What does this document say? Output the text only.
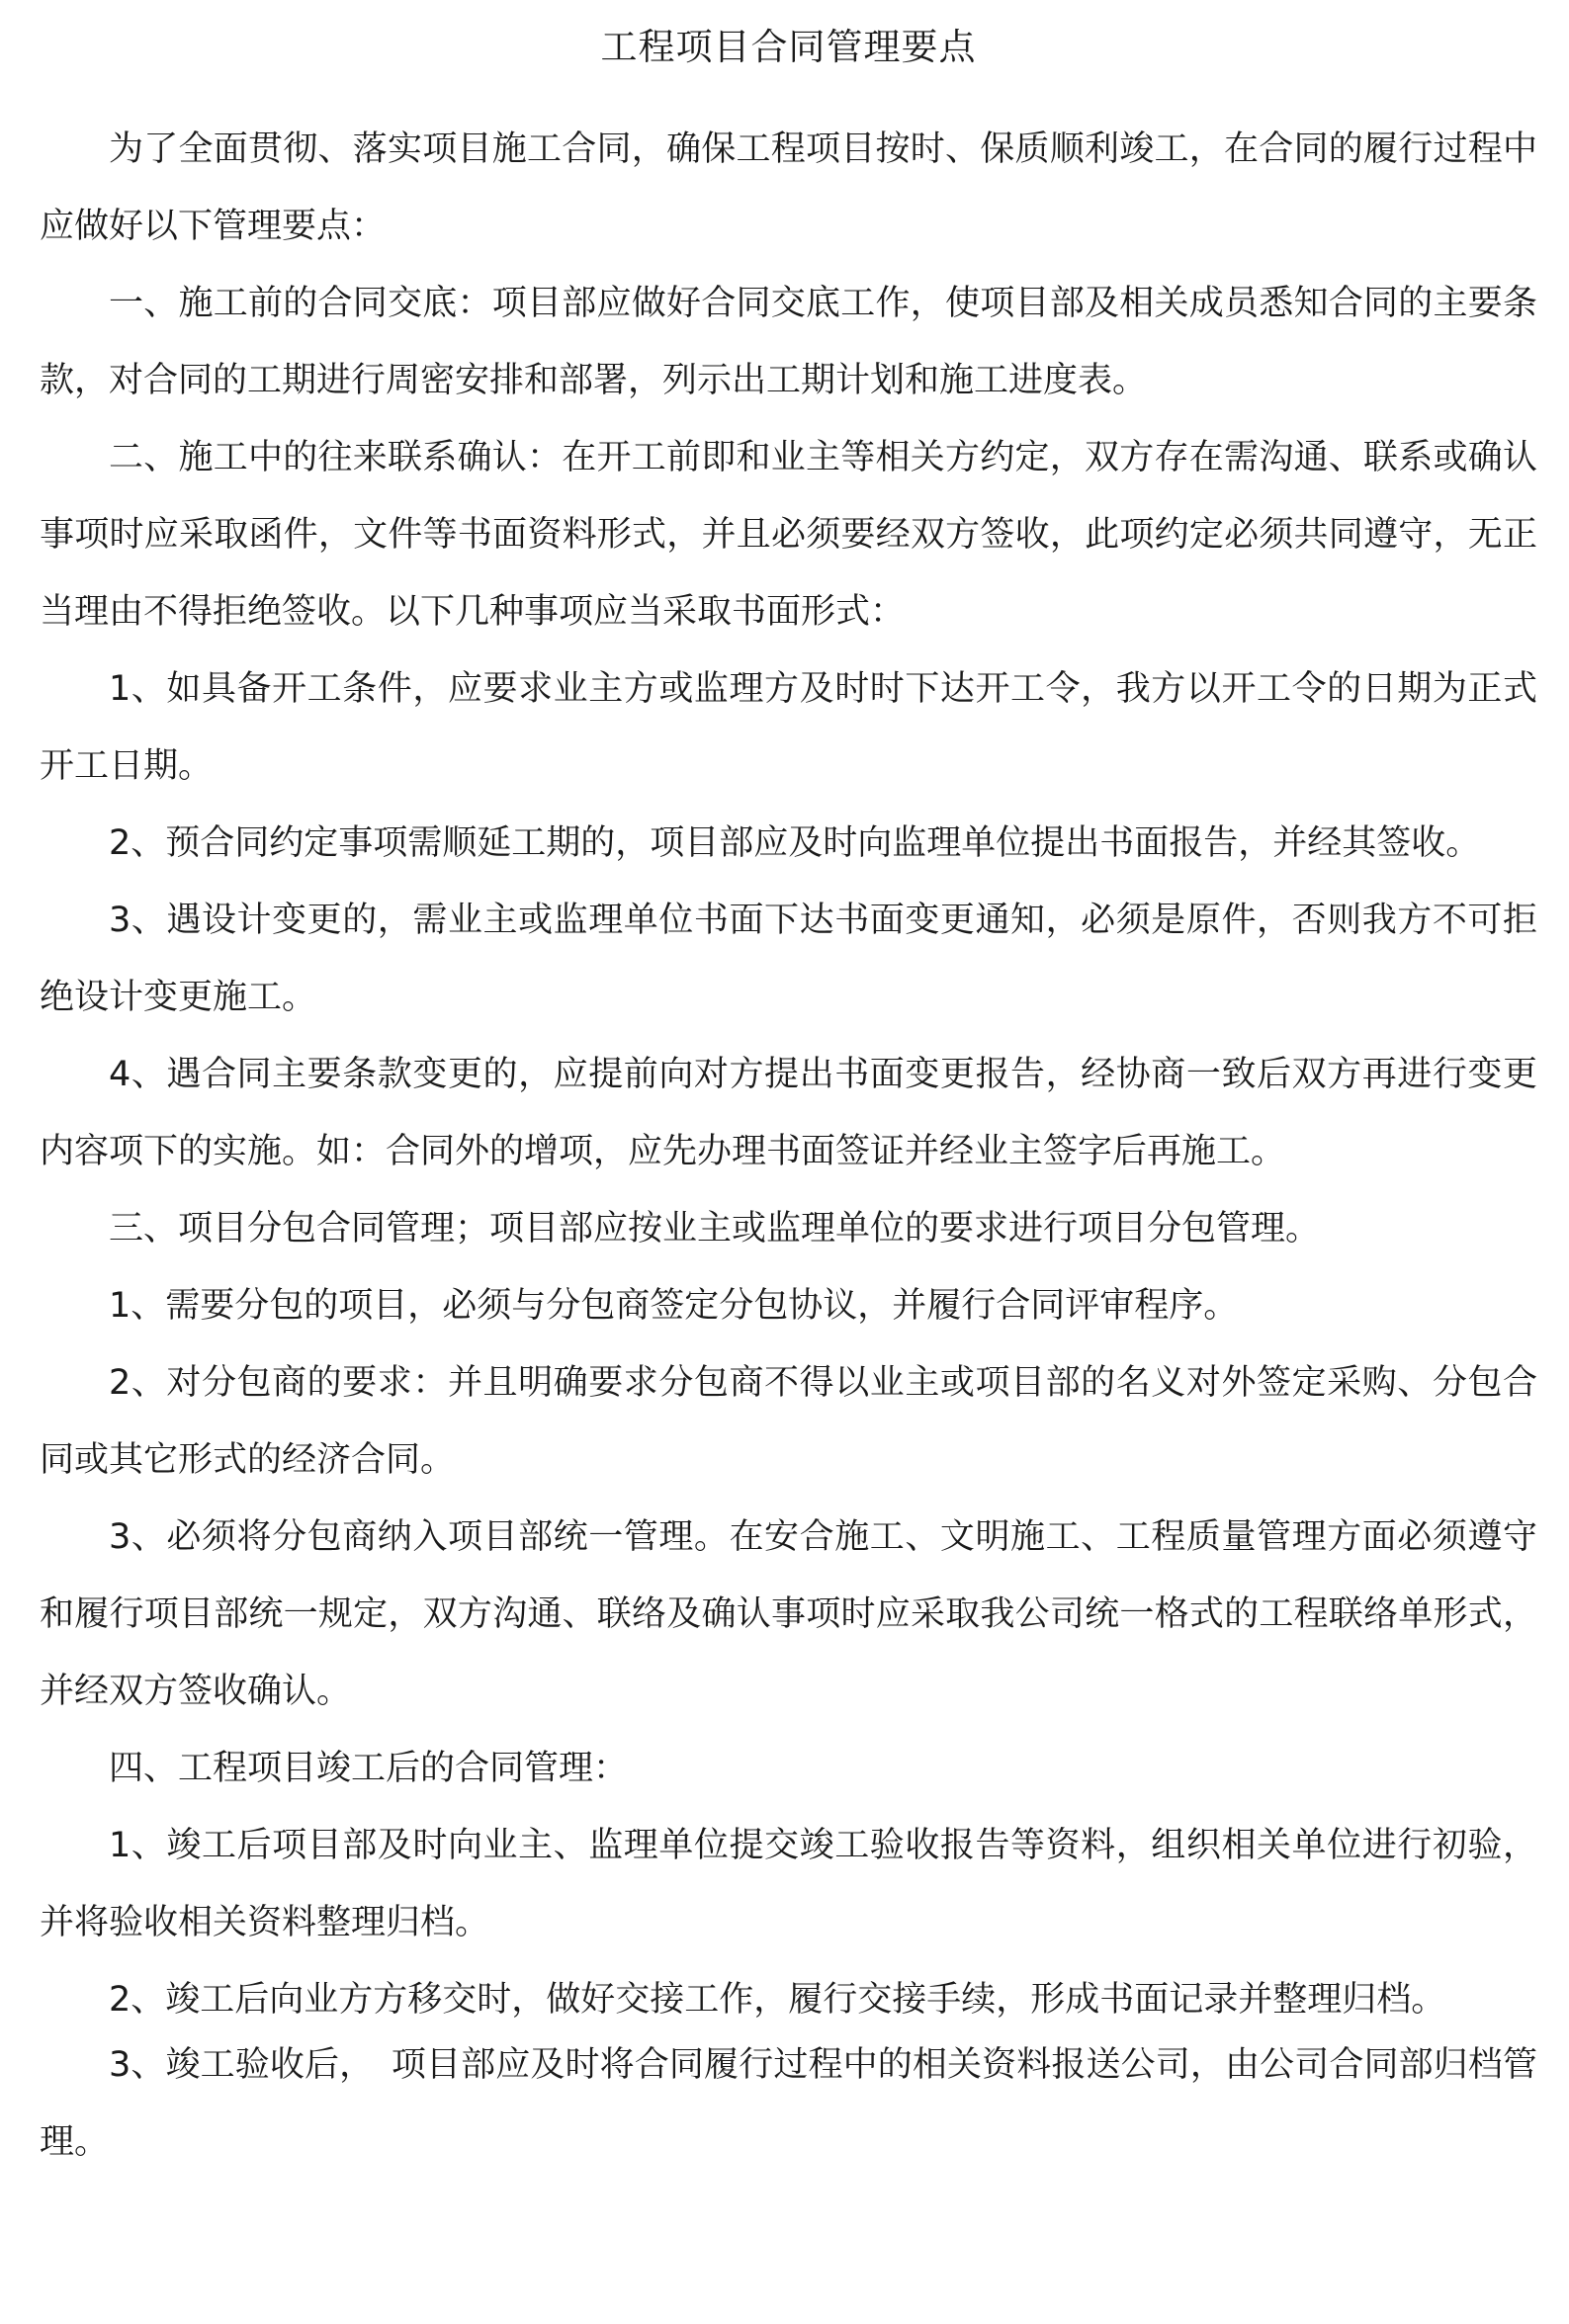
工程项目合同管理要点

为了全面贯彻、落实项目施工合同，确保工程项目按时、保质顺利竣工，在合同的履行过程中应做好以下管理要点：

一、施工前的合同交底：项目部应做好合同交底工作，使项目部及相关成员悉知合同的主要条款，对合同的工期进行周密安排和部署，列示出工期计划和施工进度表。

二、施工中的往来联系确认：在开工前即和业主等相关方约定，双方存在需沟通、联系或确认事项时应采取函件，文件等书面资料形式，并且必须要经双方签收，此项约定必须共同遵守，无正当理由不得拒绝签收。以下几种事项应当采取书面形式：

1、如具备开工条件，应要求业主方或监理方及时时下达开工令，我方以开工令的日期为正式开工日期。

2、预合同约定事项需顺延工期的，项目部应及时向监理单位提出书面报告，并经其签收。

3、遇设计变更的，需业主或监理单位书面下达书面变更通知，必须是原件，否则我方不可拒绝设计变更施工。

4、遇合同主要条款变更的，应提前向对方提出书面变更报告，经协商一致后双方再进行变更内容项下的实施。如：合同外的增项，应先办理书面签证并经业主签字后再施工。

三、项目分包合同管理；项目部应按业主或监理单位的要求进行项目分包管理。

1、需要分包的项目，必须与分包商签定分包协议，并履行合同评审程序。

2、对分包商的要求：并且明确要求分包商不得以业主或项目部的名义对外签定采购、分包合同或其它形式的经济合同。

3、必须将分包商纳入项目部统一管理。在安合施工、文明施工、工程质量管理方面必须遵守和履行项目部统一规定，双方沟通、联络及确认事项时应采取我公司统一格式的工程联络单形式，并经双方签收确认。

四、工程项目竣工后的合同管理：

1、竣工后项目部及时向业主、监理单位提交竣工验收报告等资料，组织相关单位进行初验，并将验收相关资料整理归档。

2、竣工后向业方方移交时，做好交接工作，履行交接手续，形成书面记录并整理归档。

3、竣工验收后，　项目部应及时将合同履行过程中的相关资料报送公司，由公司合同部归档管理。
